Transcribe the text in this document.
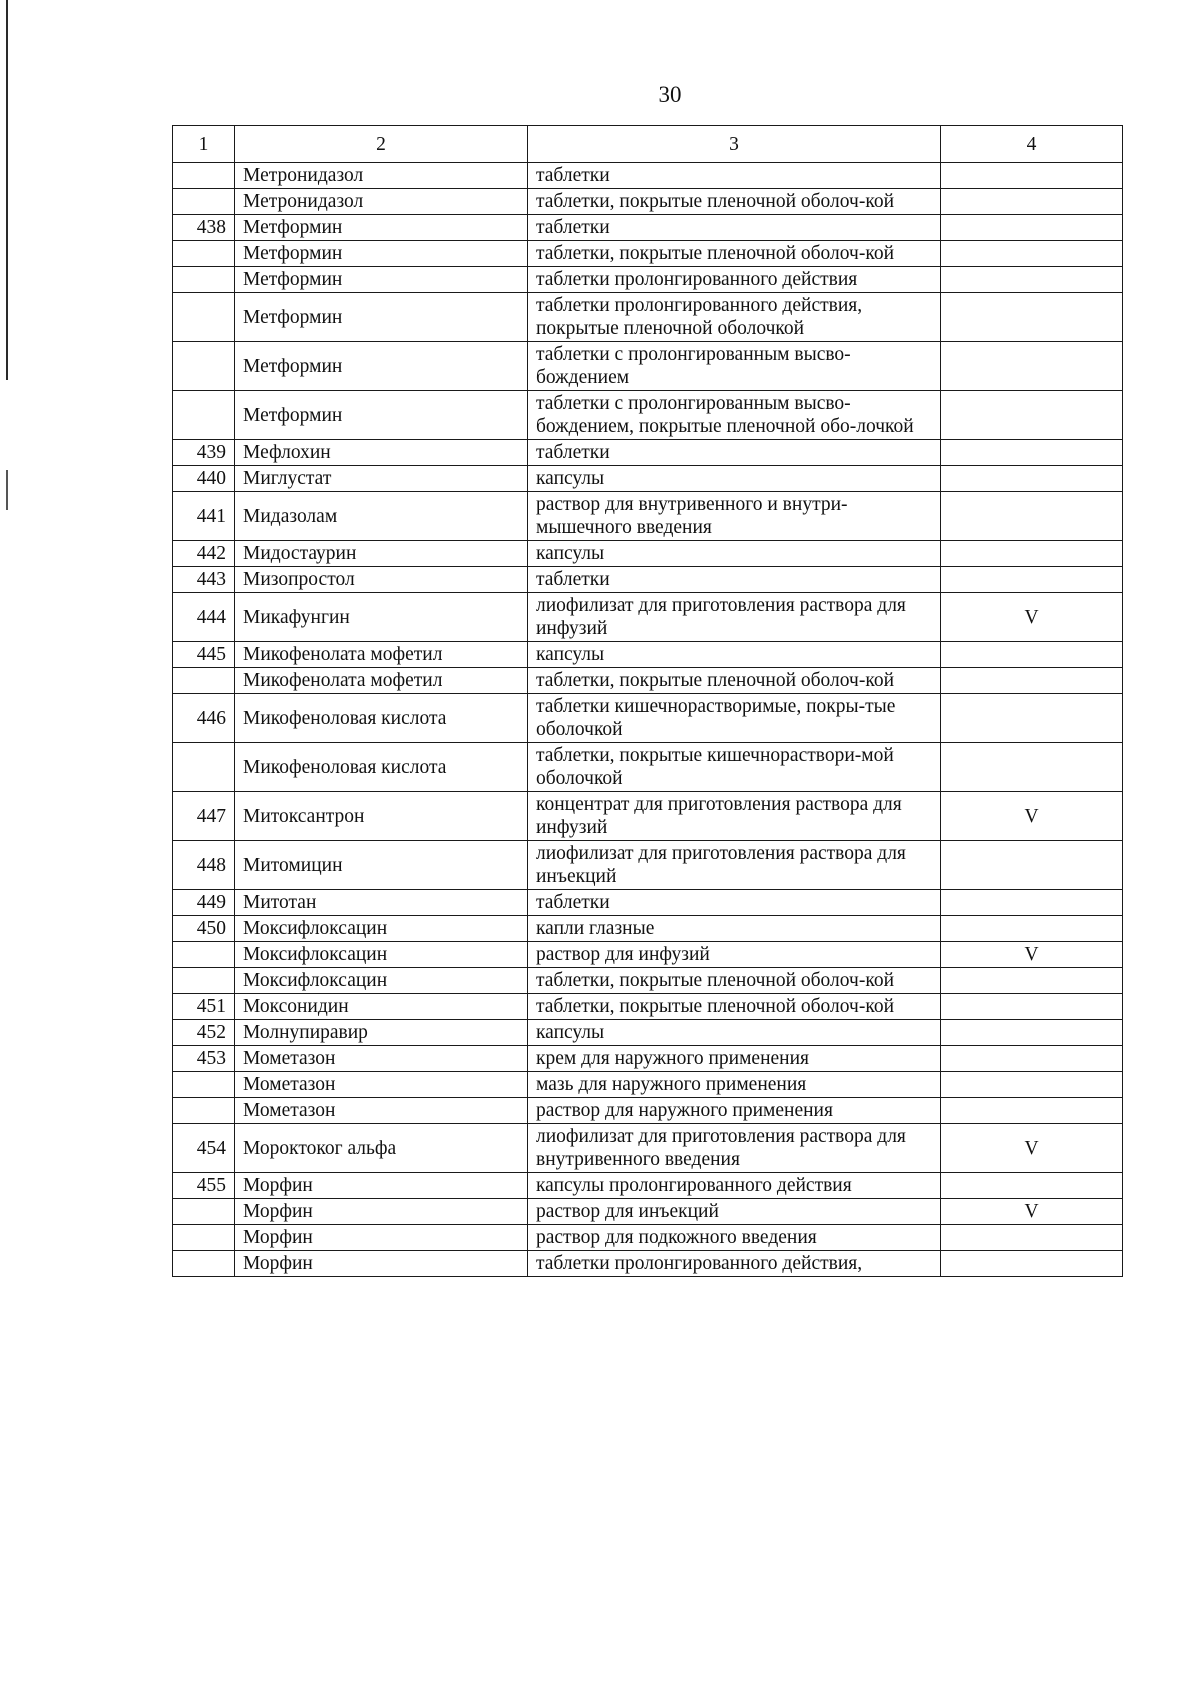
30
1	2	3	4
	Метронидазол	таблетки	
	Метронидазол	таблетки, покрытые пленочной оболоч-кой	
438	Метформин	таблетки	
	Метформин	таблетки, покрытые пленочной оболоч-кой	
	Метформин	таблетки пролонгированного действия	
	Метформин	таблетки пролонгированного действия, покрытые пленочной оболочкой	
	Метформин	таблетки с пролонгированным высво-бождением	
	Метформин	таблетки с пролонгированным высво-бождением, покрытые пленочной обо-лочкой	
439	Мефлохин	таблетки	
440	Миглустат	капсулы	
441	Мидазолам	раствор для внутривенного и внутри-мышечного введения	
442	Мидостаурин	капсулы	
443	Мизопростол	таблетки	
444	Микафунгин	лиофилизат для приготовления раствора для инфузий	V
445	Микофенолата мофетил	капсулы	
	Микофенолата мофетил	таблетки, покрытые пленочной оболоч-кой	
446	Микофеноловая кислота	таблетки кишечнорастворимые, покры-тые оболочкой	
	Микофеноловая кислота	таблетки, покрытые кишечнораствори-мой оболочкой	
447	Митоксантрон	концентрат для приготовления раствора для инфузий	V
448	Митомицин	лиофилизат для приготовления раствора для инъекций	
449	Митотан	таблетки	
450	Моксифлоксацин	капли глазные	
	Моксифлоксацин	раствор для инфузий	V
	Моксифлоксацин	таблетки, покрытые пленочной оболоч-кой	
451	Моксонидин	таблетки, покрытые пленочной оболоч-кой	
452	Молнупиравир	капсулы	
453	Мометазон	крем для наружного применения	
	Мометазон	мазь для наружного применения	
	Мометазон	раствор для наружного применения	
454	Мороктоког альфа	лиофилизат для приготовления раствора для внутривенного введения	V
455	Морфин	капсулы пролонгированного действия	
	Морфин	раствор для инъекций	V
	Морфин	раствор для подкожного введения	
	Морфин	таблетки пролонгированного действия,	
